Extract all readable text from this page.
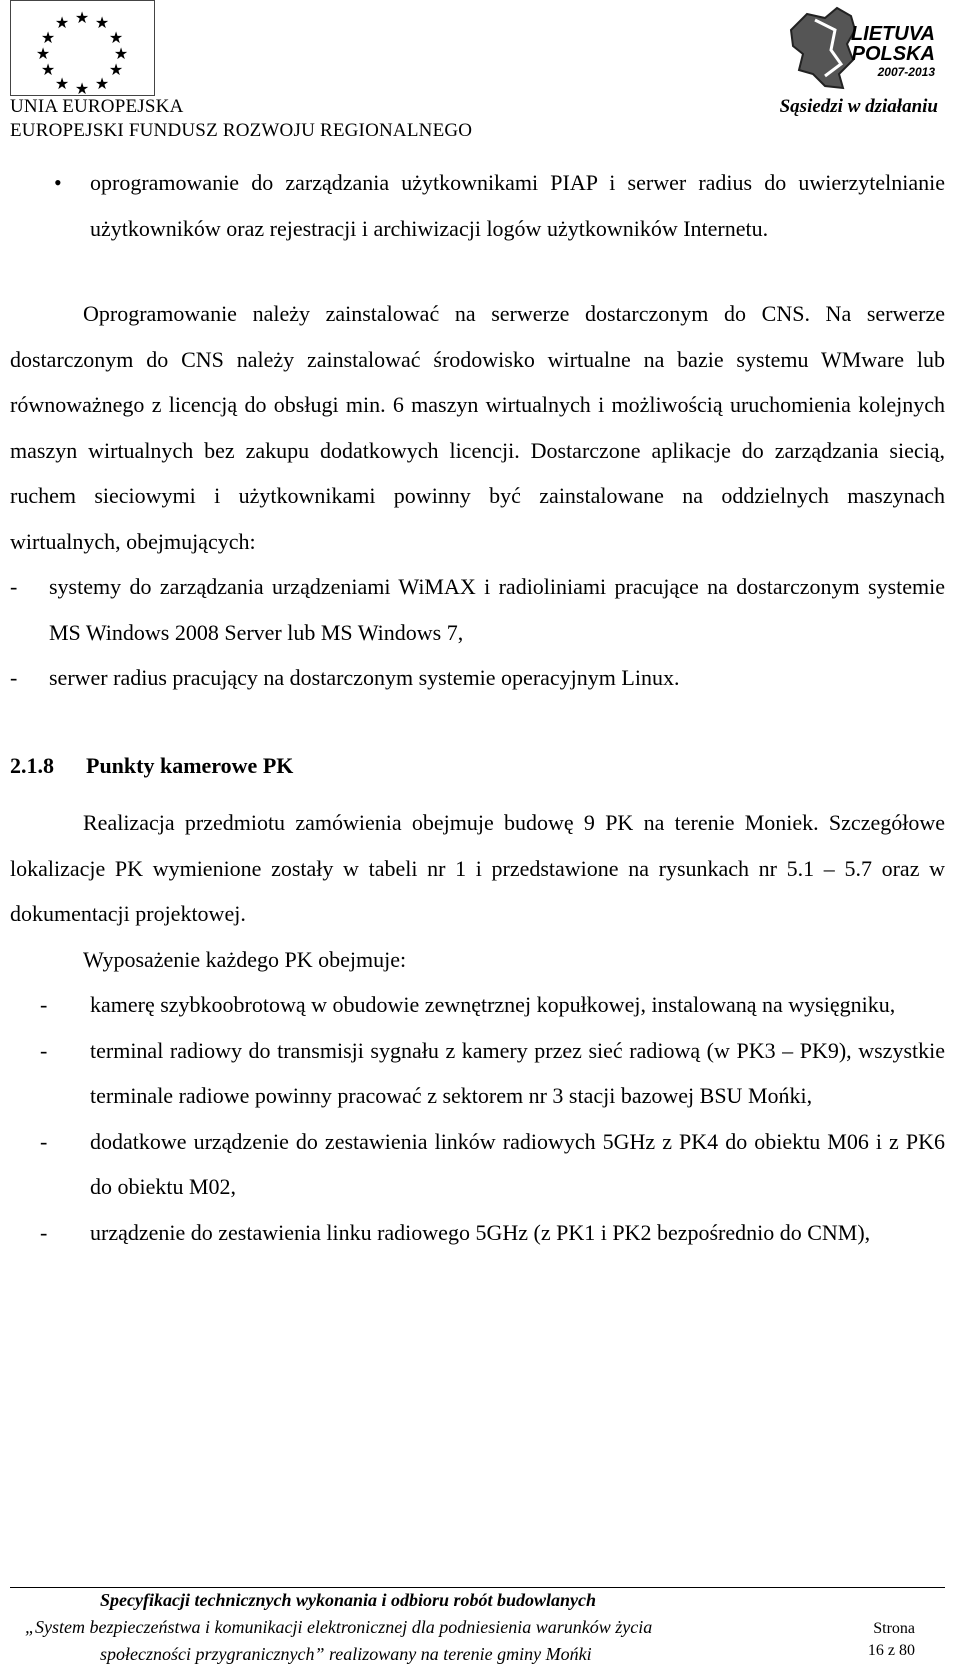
★ ★
★
★
★
★
★
★
★
★
★
★
UNIA EUROPEJSKA
EUROPEJSKI FUNDUSZ ROZWOJU REGIONALNEGO
LIETUVA
POLSKA
2007-2013
Sąsiedzi w działaniu
• oprogramowanie do zarządzania użytkownikami PIAP i serwer radius do uwierzytelnianie użytkowników oraz rejestracji i archiwizacji logów użytkowników Internetu.

Oprogramowanie należy zainstalować na serwerze dostarczonym do CNS. Na serwerze dostarczonym do CNS należy zainstalować środowisko wirtualne na bazie systemu WMware lub równoważnego z licencją do obsługi min. 6 maszyn wirtualnych i możliwością uruchomienia kolejnych maszyn wirtualnych bez zakupu dodatkowych licencji. Dostarczone aplikacje do zarządzania siecią, ruchem sieciowymi i użytkownikami powinny być zainstalowane na oddzielnych maszynach wirtualnych, obejmujących:

- systemy do zarządzania urządzeniami WiMAX i radioliniami pracujące na dostarczonym systemie MS Windows 2008 Server lub MS Windows 7,
- serwer radius pracujący na dostarczonym systemie operacyjnym Linux.
2.1.8 Punkty kamerowe PK

Realizacja przedmiotu zamówienia obejmuje budowę 9 PK na terenie Moniek. Szczegółowe lokalizacje PK wymienione zostały w tabeli nr 1 i przedstawione na rysunkach nr 5.1 – 5.7 oraz w dokumentacji projektowej.

Wyposażenie każdego PK obejmuje:

- kamerę szybkoobrotową w obudowie zewnętrznej kopułkowej, instalowaną na wysięgniku,
- terminal radiowy do transmisji sygnału z kamery przez sieć radiową (w PK3 – PK9), wszystkie terminale radiowe powinny pracować z sektorem nr 3 stacji bazowej BSU Mońki,
- dodatkowe urządzenie do zestawienia linków radiowych 5GHz z PK4 do obiektu M06 i z PK6 do obiektu M02,
- urządzenie do zestawienia linku radiowego 5GHz (z PK1 i PK2 bezpośrednio do CNM),
Specyfikacji technicznych wykonania i odbioru robót budowlanych
„System bezpieczeństwa i komunikacji elektronicznej dla podniesienia warunków życia
społeczności przygranicznych” realizowany na terenie gminy Mońki
Strona
16 z 80
